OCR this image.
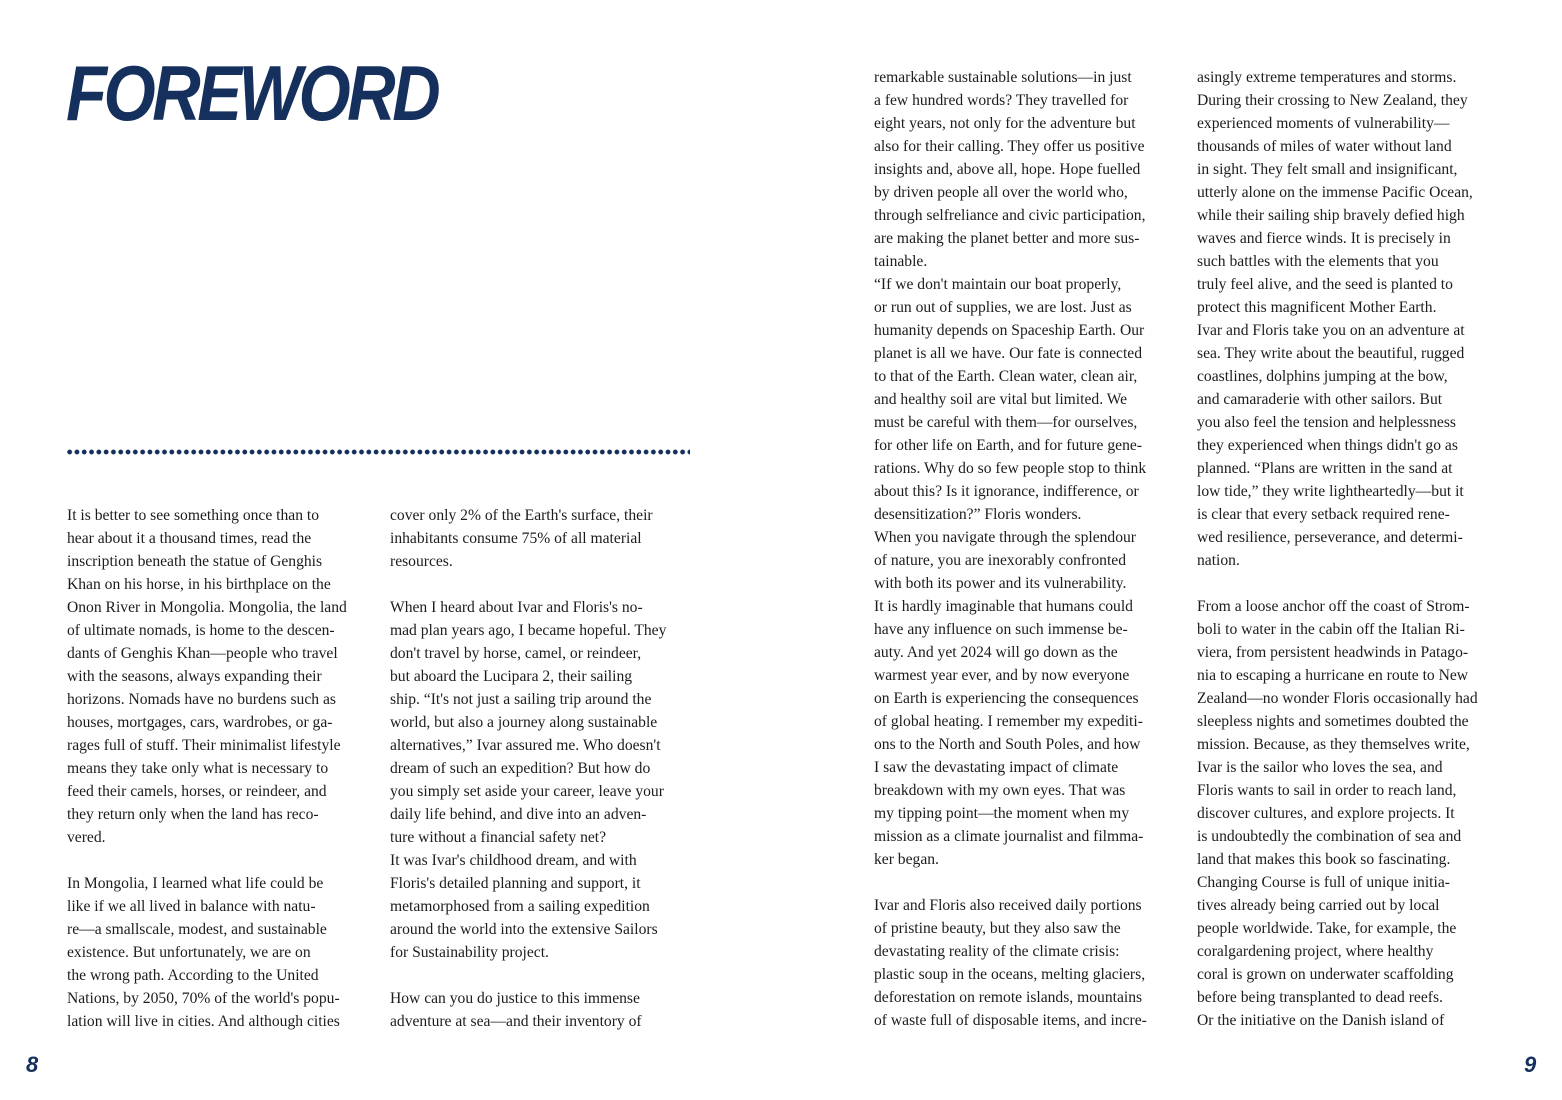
FOREWORD

It is better to see something once than to
hear about it a thousand times, read the
inscription beneath the statue of Genghis
Khan on his horse, in his birthplace on the
Onon River in Mongolia. Mongolia, the land
of ultimate nomads, is home to the descen-
dants of Genghis Khan—people who travel
with the seasons, always expanding their
horizons. Nomads have no burdens such as
houses, mortgages, cars, wardrobes, or ga-
rages full of stuff. Their minimalist lifestyle
means they take only what is necessary to
feed their camels, horses, or reindeer, and
they return only when the land has reco-
vered.

In Mongolia, I learned what life could be
like if we all lived in balance with natu-
re—a smallscale, modest, and sustainable
existence. But unfortunately, we are on
the wrong path. According to the United
Nations, by 2050, 70% of the world's popu-
lation will live in cities. And although cities

cover only 2% of the Earth's surface, their
inhabitants consume 75% of all material
resources.

When I heard about Ivar and Floris's no-
mad plan years ago, I became hopeful. They
don't travel by horse, camel, or reindeer,
but aboard the Lucipara 2, their sailing
ship. “It's not just a sailing trip around the
world, but also a journey along sustainable
alternatives,” Ivar assured me. Who doesn't
dream of such an expedition? But how do
you simply set aside your career, leave your
daily life behind, and dive into an adven-
ture without a financial safety net?
It was Ivar's childhood dream, and with
Floris's detailed planning and support, it
metamorphosed from a sailing expedition
around the world into the extensive Sailors
for Sustainability project.

How can you do justice to this immense
adventure at sea—and their inventory of

remarkable sustainable solutions—in just
a few hundred words? They travelled for
eight years, not only for the adventure but
also for their calling. They offer us positive
insights and, above all, hope. Hope fuelled
by driven people all over the world who,
through selfreliance and civic participation,
are making the planet better and more sus-
tainable.
“If we don't maintain our boat properly,
or run out of supplies, we are lost. Just as
humanity depends on Spaceship Earth. Our
planet is all we have. Our fate is connected
to that of the Earth. Clean water, clean air,
and healthy soil are vital but limited. We
must be careful with them—for ourselves,
for other life on Earth, and for future gene-
rations. Why do so few people stop to think
about this? Is it ignorance, indifference, or
desensitization?” Floris wonders.
When you navigate through the splendour
of nature, you are inexorably confronted
with both its power and its vulnerability.
It is hardly imaginable that humans could
have any influence on such immense be-
auty. And yet 2024 will go down as the
warmest year ever, and by now everyone
on Earth is experiencing the consequences
of global heating. I remember my expediti-
ons to the North and South Poles, and how
I saw the devastating impact of climate
breakdown with my own eyes. That was
my tipping point—the moment when my
mission as a climate journalist and filmma-
ker began.

Ivar and Floris also received daily portions
of pristine beauty, but they also saw the
devastating reality of the climate crisis:
plastic soup in the oceans, melting glaciers,
deforestation on remote islands, mountains
of waste full of disposable items, and incre-

asingly extreme temperatures and storms.
During their crossing to New Zealand, they
experienced moments of vulnerability—
thousands of miles of water without land
in sight. They felt small and insignificant,
utterly alone on the immense Pacific Ocean,
while their sailing ship bravely defied high
waves and fierce winds. It is precisely in
such battles with the elements that you
truly feel alive, and the seed is planted to
protect this magnificent Mother Earth.
Ivar and Floris take you on an adventure at
sea. They write about the beautiful, rugged
coastlines, dolphins jumping at the bow,
and camaraderie with other sailors. But
you also feel the tension and helplessness
they experienced when things didn't go as
planned. “Plans are written in the sand at
low tide,” they write lightheartedly—but it
is clear that every setback required rene-
wed resilience, perseverance, and determi-
nation.

From a loose anchor off the coast of Strom-
boli to water in the cabin off the Italian Ri-
viera, from persistent headwinds in Patago-
nia to escaping a hurricane en route to New
Zealand—no wonder Floris occasionally had
sleepless nights and sometimes doubted the
mission. Because, as they themselves write,
Ivar is the sailor who loves the sea, and
Floris wants to sail in order to reach land,
discover cultures, and explore projects. It
is undoubtedly the combination of sea and
land that makes this book so fascinating.
Changing Course is full of unique initia-
tives already being carried out by local
people worldwide. Take, for example, the
coralgardening project, where healthy
coral is grown on underwater scaffolding
before being transplanted to dead reefs.
Or the initiative on the Danish island of

8	9
